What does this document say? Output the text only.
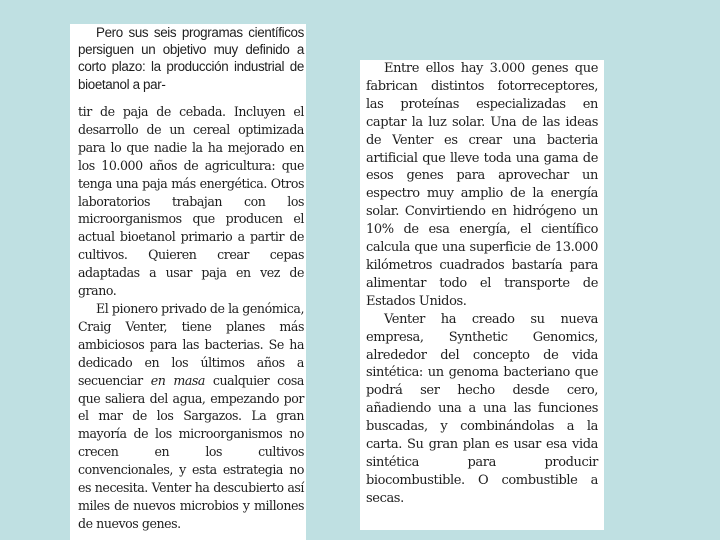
Pero sus seis programas científicos persiguen un objetivo muy definido a corto plazo: la producción industrial de bioetanol a par-

tir de paja de cebada. Incluyen el desarrollo de un cereal optimizada para lo que nadie la ha mejorado en los 10.000 años de agricultura: que tenga una paja más energética. Otros laboratorios trabajan con los microorganismos que producen el actual bioetanol primario a partir de cultivos. Quieren crear cepas adaptadas a usar paja en vez de grano.

El pionero privado de la genómica, Craig Venter, tiene planes más ambiciosos para las bacterias. Se ha dedicado en los últimos años a secuenciar en masa cualquier cosa que saliera del agua, empezando por el mar de los Sargazos. La gran mayoría de los microorganismos no crecen en los cultivos convencionales, y esta estrategia no es necesita. Venter ha descubierto así miles de nuevos microbios y millones de nuevos genes.

Entre ellos hay 3.000 genes que fabrican distintos fotorreceptores, las proteínas especializadas en captar la luz solar. Una de las ideas de Venter es crear una bacteria artificial que lleve toda una gama de esos genes para aprovechar un espectro muy amplio de la energía solar. Convirtiendo en hidrógeno un 10% de esa energía, el científico calcula que una superficie de 13.000 kilómetros cuadrados bastaría para alimentar todo el transporte de Estados Unidos.

Venter ha creado su nueva empresa, Synthetic Genomics, alrededor del concepto de vida sintética: un genoma bacteriano que podrá ser hecho desde cero, añadiendo una a una las funciones buscadas, y combinándolas a la carta. Su gran plan es usar esa vida sintética para producir biocombustible. O combustible a secas.
